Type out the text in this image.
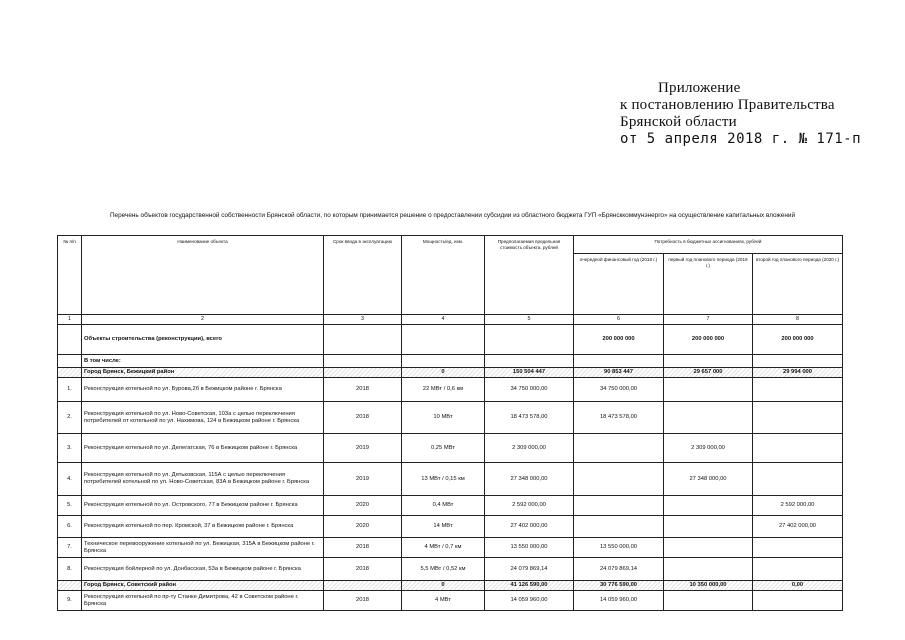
Приложение
к постановлению Правительства
Брянской области
от 5 апреля 2018 г. № 171-п
Перечень объектов государственной собственности Брянской области, по которым принимается решение о предоставлении субсидии из областного бюджета ГУП «Брянсккоммунэнерго» на осуществление капитальных вложений
№ п/п	Наименование объекта	Срок ввода в эксплуатацию	Мощность/ед. изм.	Предполагаемая предельная стоимость объекта, рублей	Потребность в бюджетных ассигнованиях, рублей		
					очередной финансовый год (2018 г.)	первый год планового периода (2019 г.)	второй год планового периода (2020 г.)
1	2	3	4	5	6	7	8
	Объекты строительства (реконструкции), всего				200 000 000	200 000 000	200 000 000
	В том числе:						
	Город Брянск, Бежицкий район		0	150 504 447	90 853 447	29 657 000	29 994 000
1.	Реконструкция котельной по ул. Бурова,2б в Бежицком районе г. Брянска	2018	22 МВт / 0,6 км	34 750 000,00	34 750 000,00		
2.	Реконструкция котельной по ул. Ново-Советская, 103а с целью переключения потребителей от котельной по ул. Нахимова, 124 в Бежицком районе г. Брянска	2018	10 МВт	18 473 578,00	18 473 578,00		
3.	Реконструкция котельной по ул. Делегатская, 76 в Бежицком районе г. Брянска	2019	0,25 МВт	2 309 000,00		2 309 000,00	
4.	Реконструкция котельной по ул. Дятьковская, 115А с целью переключения потребителей котельной по ул. Ново-Советская, 83А в Бежицком районе г. Брянска	2019	13 МВт / 0,15 км	27 348 000,00		27 348 000,00	
5.	Реконструкция котельной по ул. Островского, 77 в Бежицком районе г. Брянска	2020	0,4 МВт	2 592 000,00			2 592 000,00
6.	Реконструкция котельной по пер. Кромской, 37 в Бежицком районе г. Брянска	2020	14 МВт	27 402 000,00			27 402 000,00
7.	Техническое перевооружение котельной по ул. Бежицкая, 315А в Бежицком районе г. Брянска	2018	4 МВт / 0,7 км	13 550 000,00	13 550 000,00		
8.	Реконструкция бойлерной по ул. Донбасская, 53а в Бежицком районе г. Брянска	2018	5,5 МВт / 0,52 км	24 079 869,14	24 079 869,14		
	Город Брянск, Советский район		0	41 126 590,00	30 776 590,00	10 350 000,00	0,00
9.	Реконструкция котельной по пр-ту Станке Димитрова, 42 в Советском районе г. Брянска	2018	4 МВт	14 059 960,00	14 059 960,00		
